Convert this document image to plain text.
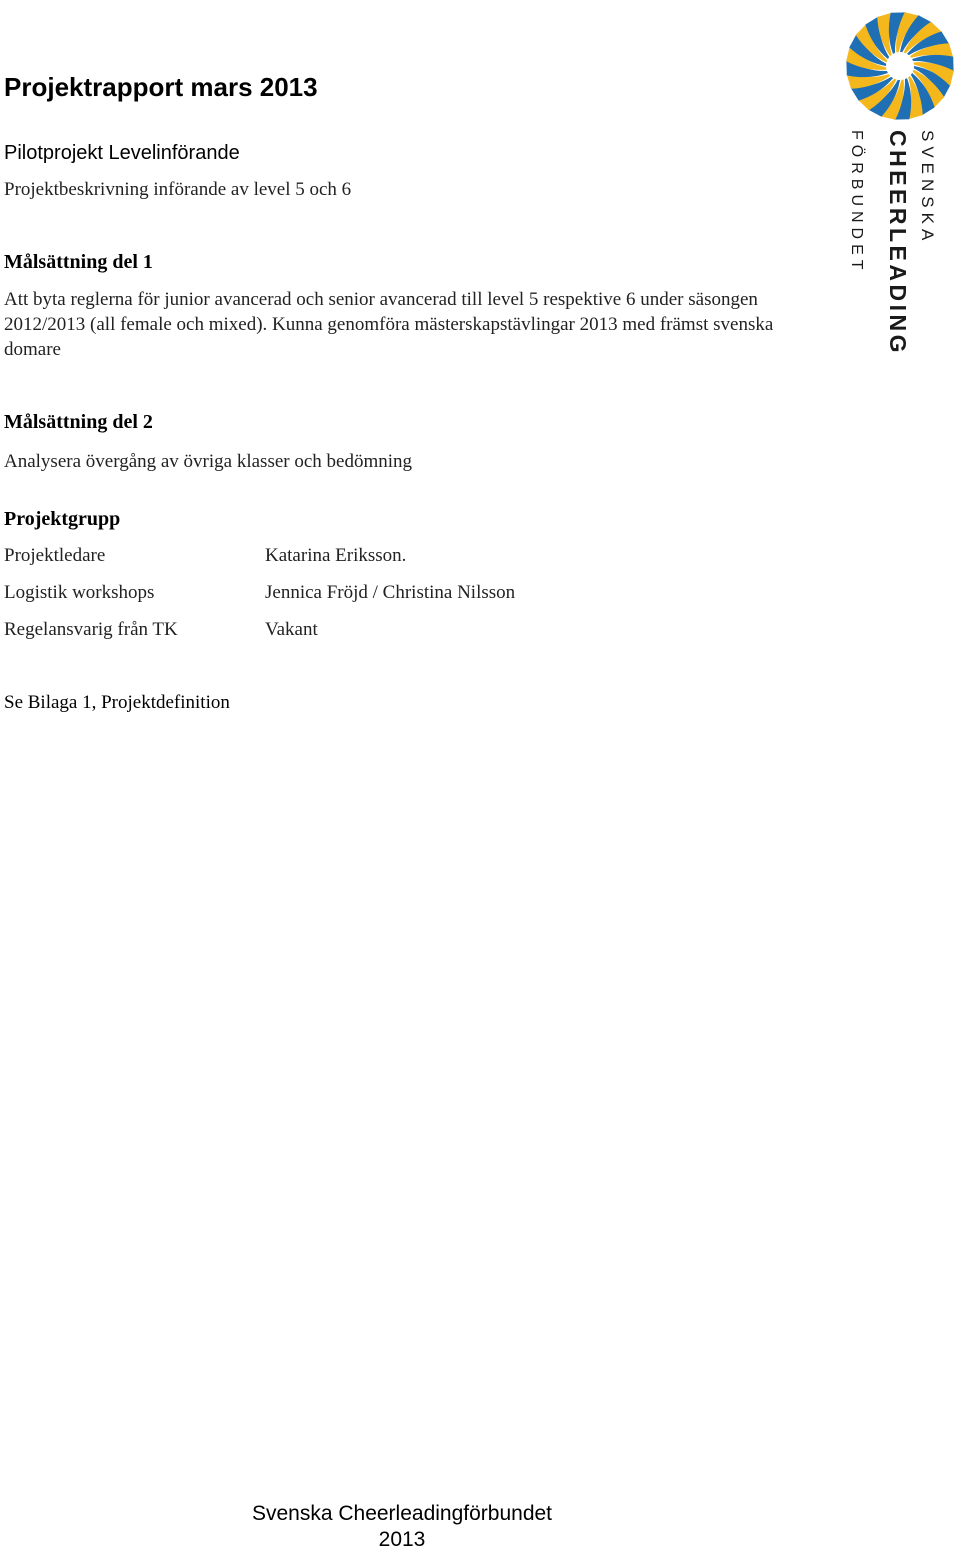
Projektrapport mars 2013
Pilotprojekt Levelinförande
Projektbeskrivning införande av level 5 och 6
Målsättning del 1
Att byta reglerna för junior avancerad och senior avancerad till level 5 respektive 6 under säsongen 2012/2013 (all female och mixed). Kunna genomföra mästerskapstävlingar 2013 med främst svenska domare
Målsättning del 2
Analysera övergång av övriga klasser och bedömning
Projektgrupp
Projektledare	Katarina Eriksson.
Logistik workshops	Jennica Fröjd / Christina Nilsson
Regelansvarig från TK	Vakant
Se Bilaga 1, Projektdefinition
SVENSKA
CHEERLEADING
FÖRBUNDET
Svenska Cheerleadingförbundet
2013
